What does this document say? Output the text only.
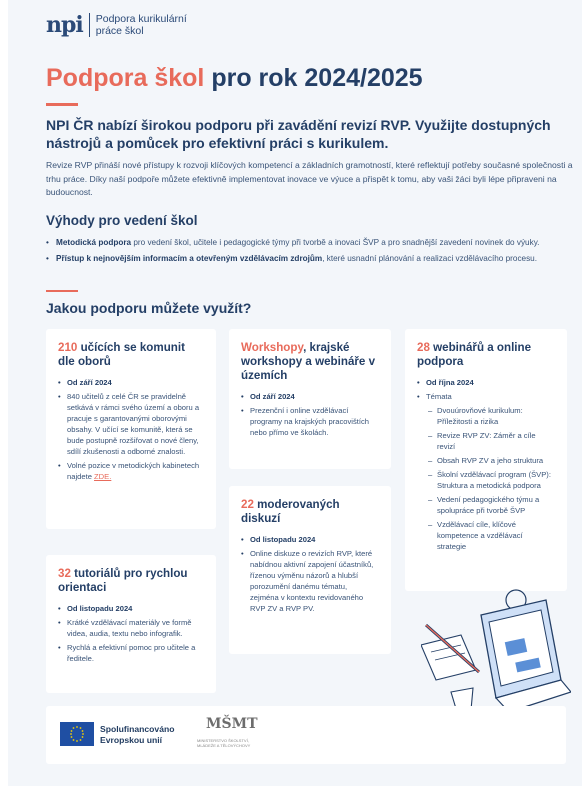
npi Podpora kurikulární práce škol
Podpora škol pro rok 2024/2025

NPI ČR nabízí širokou podporu při zavádění revizí RVP. Využijte dostupných nástrojů a pomůcek pro efektivní práci s kurikulem.

Revize RVP přináší nové přístupy k rozvoji klíčových kompetencí a základních gramotností, které reflektují potřeby současné společnosti a trhu práce. Díky naší podpoře můžete efektivně implementovat inovace ve výuce a přispět k tomu, aby vaši žáci byli lépe připraveni na budoucnost.

Výhody pro vedení škol
• Metodická podpora pro vedení škol, učitele i pedagogické týmy při tvorbě a inovaci ŠVP a pro snadnější zavedení novinek do výuky.
• Přístup k nejnovějším informacím a otevřeným vzdělávacím zdrojům, které usnadní plánování a realizaci vzdělávacího procesu.
Jakou podporu můžete využít?
210 učících se komunit dle oborů
• Od září 2024
• 840 učitelů z celé ČR se pravidelně setkává v rámci svého území a oboru a pracuje s garantovanými oborovými obsahy. V učící se komunitě, která se bude postupně rozšiřovat o nové členy, sdílí zkušenosti a odborné znalosti.
• Volné pozice v metodických kabinetech najdete ZDE.
32 tutoriálů pro rychlou orientaci
• Od listopadu 2024
• Krátké vzdělávací materiály ve formě videa, audia, textu nebo infografik.
• Rychlá a efektivní pomoc pro učitele a ředitele.
Workshopy, krajské workshopy a webináře v územích
• Od září 2024
• Prezenční i online vzdělávací programy na krajských pracovištích nebo přímo ve školách.
22 moderovaných diskuzí
• Od listopadu 2024
• Online diskuze o revizích RVP, které nabídnou aktivní zapojení účastníků, řízenou výměnu názorů a hlubší porozumění danému tématu, zejména v kontextu revidovaného RVP ZV a RVP PV.
28 webinářů a online podpora
• Od října 2024
• Témata
– Dvouúrovňové kurikulum: Příležitosti a rizika
– Revize RVP ZV: Záměr a cíle revizí
– Obsah RVP ZV a jeho struktura
– Školní vzdělávací program (ŠVP): Struktura a metodická podpora
– Vedení pedagogického týmu a spolupráce při tvorbě ŠVP
– Vzdělávací cíle, klíčové kompetence a vzdělávací strategie
Spolufinancováno
Evropskou unií
MŠMT
MINISTERSTVO ŠKOLSTVÍ, MLÁDEŽE A TĚLOVÝCHOVY
